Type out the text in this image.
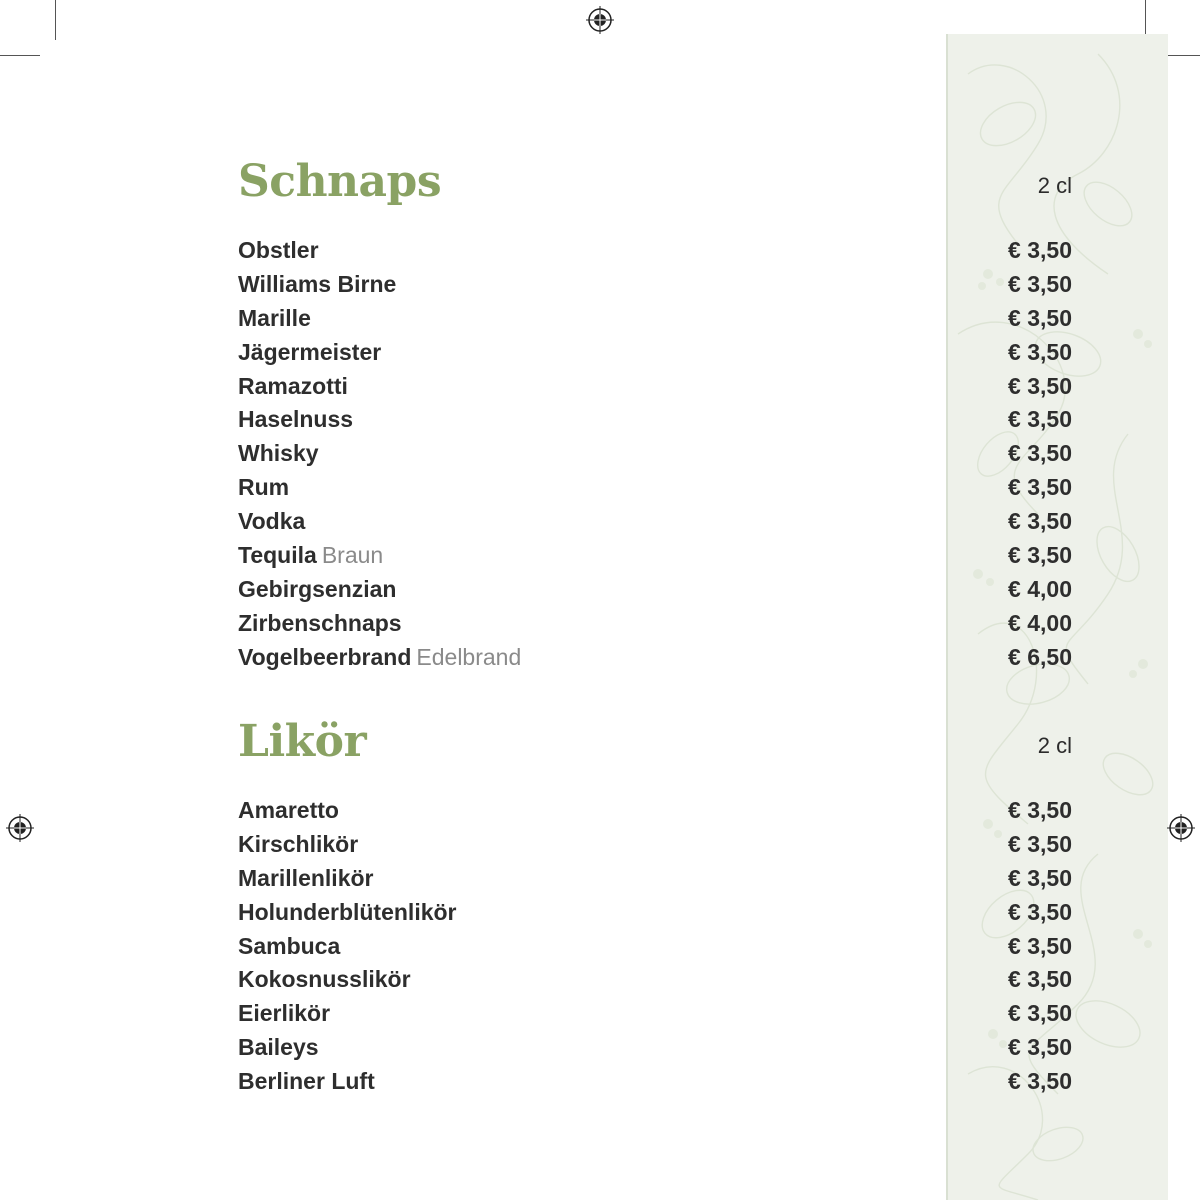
Schnaps	2 cl
Obstler	€ 3,50
Williams Birne	€ 3,50
Marille	€ 3,50
Jägermeister	€ 3,50
Ramazotti	€ 3,50
Haselnuss	€ 3,50
Whisky	€ 3,50
Rum	€ 3,50
Vodka	€ 3,50
Tequila Braun	€ 3,50
Gebirgsenzian	€ 4,00
Zirbenschnaps	€ 4,00
Vogelbeerbrand Edelbrand	€ 6,50
Likör	2 cl
Amaretto	€ 3,50
Kirschlikör	€ 3,50
Marillenlikör	€ 3,50
Holunderblütenlikör	€ 3,50
Sambuca	€ 3,50
Kokosnusslikör	€ 3,50
Eierlikör	€ 3,50
Baileys	€ 3,50
Berliner Luft	€ 3,50
